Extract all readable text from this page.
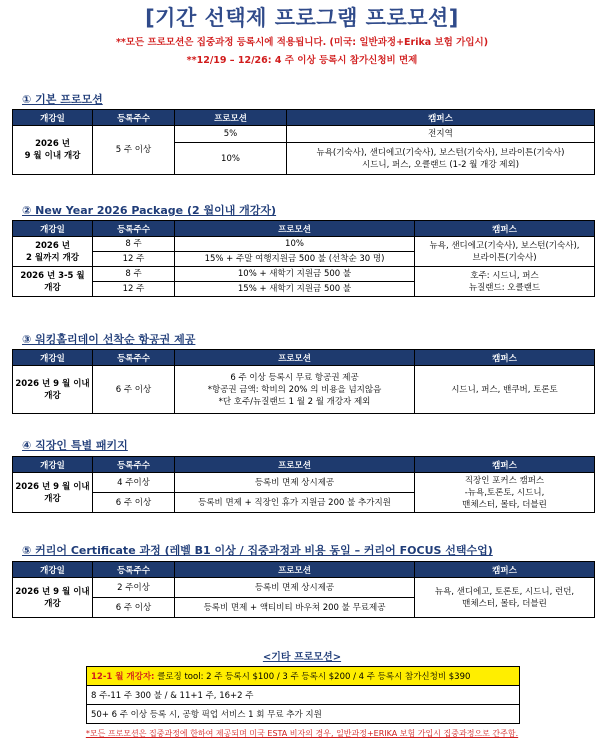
[기간 선택제 프로그램 프로모션]
**모든 프로모션은 집중과정 등록시에 적용됩니다. (미국: 일반과정+Erika 보험 가입시)
**12/19 – 12/26: 4 주 이상 등록시 참가신청비 면제
① 기본 프로모션
개강일	등록주수	프로모션	캠퍼스
2026 년
9 월 이내 개강	5 주 이상	5%	전지역
		10%	뉴욕(기숙사), 샌디에고(기숙사), 보스턴(기숙사), 브라이튼(기숙사)
시드니, 퍼스, 오클랜드 (1-2 월 개강 제외)
② New Year 2026 Package (2 월이내 개강자)
개강일	등록주수	프로모션	캠퍼스
2026 년
2 월까지 개강	8 주	10%	뉴욕, 샌디에고(기숙사), 보스턴(기숙사),
브라이튼(기숙사)
	12 주	15% + 주말 여행지원금 500 불 (선착순 30 명)	
2026 년 3-5 월
개강	8 주	10% + 새학기 지원금 500 불	호주: 시드니, 퍼스
뉴질랜드: 오클랜드
	12 주	15% + 새학기 지원금 500 불	
③ 워킹홀리데이 선착순 항공권 제공
개강일	등록주수	프로모션	캠퍼스
2026 년 9 월 이내
개강	6 주 이상	6 주 이상 등록시 무료 항공권 제공
*항공권 금액: 학비의 20% 의 비용을 넘지않음
*단 호주/뉴질랜드 1 월 2 월 개강자 제외	시드니, 퍼스, 밴쿠버, 토론토
④ 직장인 특별 패키지
개강일	등록주수	프로모션	캠퍼스
2026 년 9 월 이내
개강	4 주이상	등록비 면제 상시제공	직장인 포커스 캠퍼스
-뉴욕,토론토, 시드니,
맨체스터, 몰타, 더블린
	6 주 이상	등록비 면제 + 직장인 휴가 지원금 200 불 추가지원	
⑤ 커리어 Certificate 과정 (레벨 B1 이상 / 집중과정과 비용 동일 – 커리어 FOCUS 선택수업)
개강일	등록주수	프로모션	캠퍼스
2026 년 9 월 이내
개강	2 주이상	등록비 면제 상시제공	뉴욕, 샌디에고, 토론토, 시드니, 런던,
맨체스터, 몰타, 더블린
	6 주 이상	등록비 면제 + 액티비티 바우쳐 200 불 무료제공	
<기타 프로모션>
12-1 월 개강자: 클로징 tool: 2 주 등록시 $100 / 3 주 등록시 $200 / 4 주 등록시 참가신청비 $390
8 주-11 주 300 불 / & 11+1 주, 16+2 주
50+ 6 주 이상 등록 시, 공항 픽업 서비스 1 회 무료 추가 지원
*모든 프로모션은 집중과정에 한하여 제공되며 미국 ESTA 비자의 경우, 일반과정+ERIKA 보험 가입시 집중과정으로 간주함.
